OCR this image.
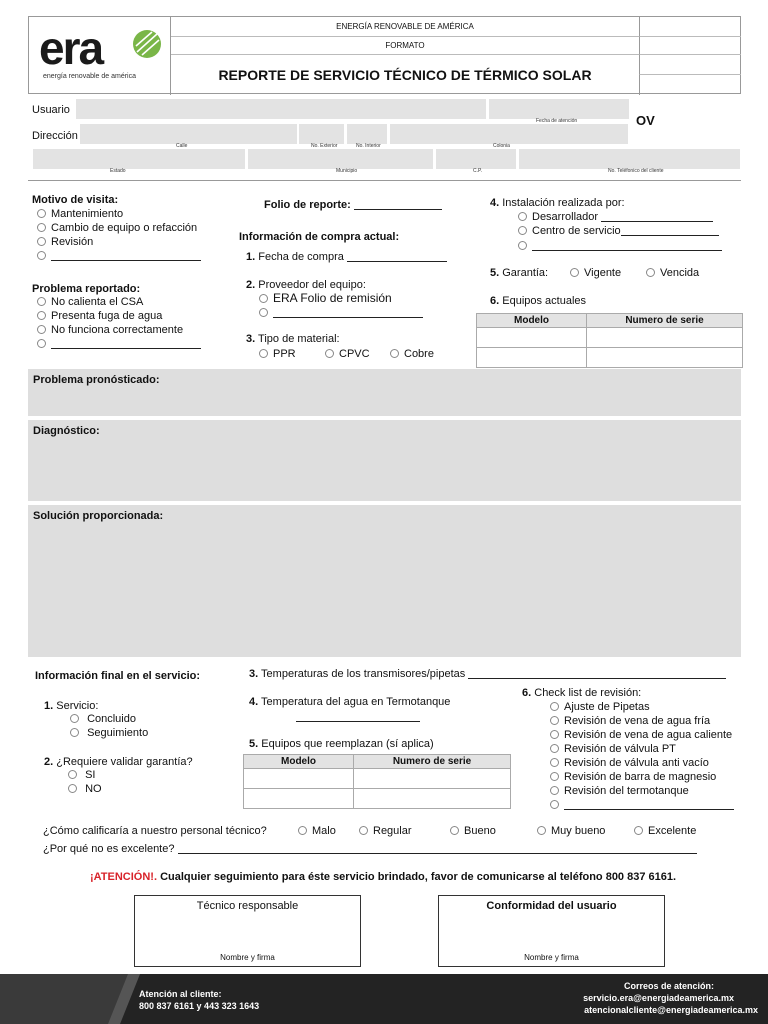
era
energía renovable de américa
ENERGÍA RENOVABLE DE AMÉRICA
FORMATO
REPORTE DE SERVICIO TÉCNICO DE TÉRMICO SOLAR
Usuario
Fecha de atención	OV
Dirección
Calle	No. Exterior	No. Interior	Colonia
Estado	Municipio	C.P.	No. Teléfonico del cliente
Motivo de visita:
Mantenimiento
Cambio de equipo o refacción
Revisión
Problema reportado:
No calienta el CSA
Presenta fuga de agua
No funciona correctamente
Folio de reporte:
Información de compra actual:
1. Fecha de compra
2. Proveedor del equipo:
ERA Folio de remisión
3. Tipo de material:
PPR	CPVC	Cobre
4. Instalación realizada por:
Desarrollador
Centro de servicio
5. Garantía:	Vigente	Vencida
6. Equipos actuales
Modelo	Numero de serie

Problema pronósticado:
Diagnóstico:
Solución proporcionada:
Información final en el servicio:
1. Servicio:
Concluido
Seguimiento
2. ¿Requiere validar garantía?
SI
NO
3. Temperaturas de los transmisores/pipetas
4. Temperatura del agua en Termotanque
5. Equipos que reemplazan (sí aplica)
Modelo	Numero de serie

6. Check list de revisión:
Ajuste de Pipetas
Revisión de vena de agua fría
Revisión de vena de agua caliente
Revisión de válvula PT
Revisión de válvula anti vacío
Revisión de barra de magnesio
Revisión del termotanque
¿Cómo calificaría a nuestro personal técnico?	Malo	Regular	Bueno	Muy bueno	Excelente
¿Por qué no es excelente?
¡ATENCIÓN!. Cualquier seguimiento para éste servicio brindado, favor de comunicarse al teléfono 800 837 6161.
Técnico responsable
Nombre y firma
Conformidad del usuario
Nombre y firma
Atención al cliente:
800 837 6161 y 443 323 1643
Correos de atención:
servicio.era@energiadeamerica.mx
atencionalcliente@energiadeamerica.mx
